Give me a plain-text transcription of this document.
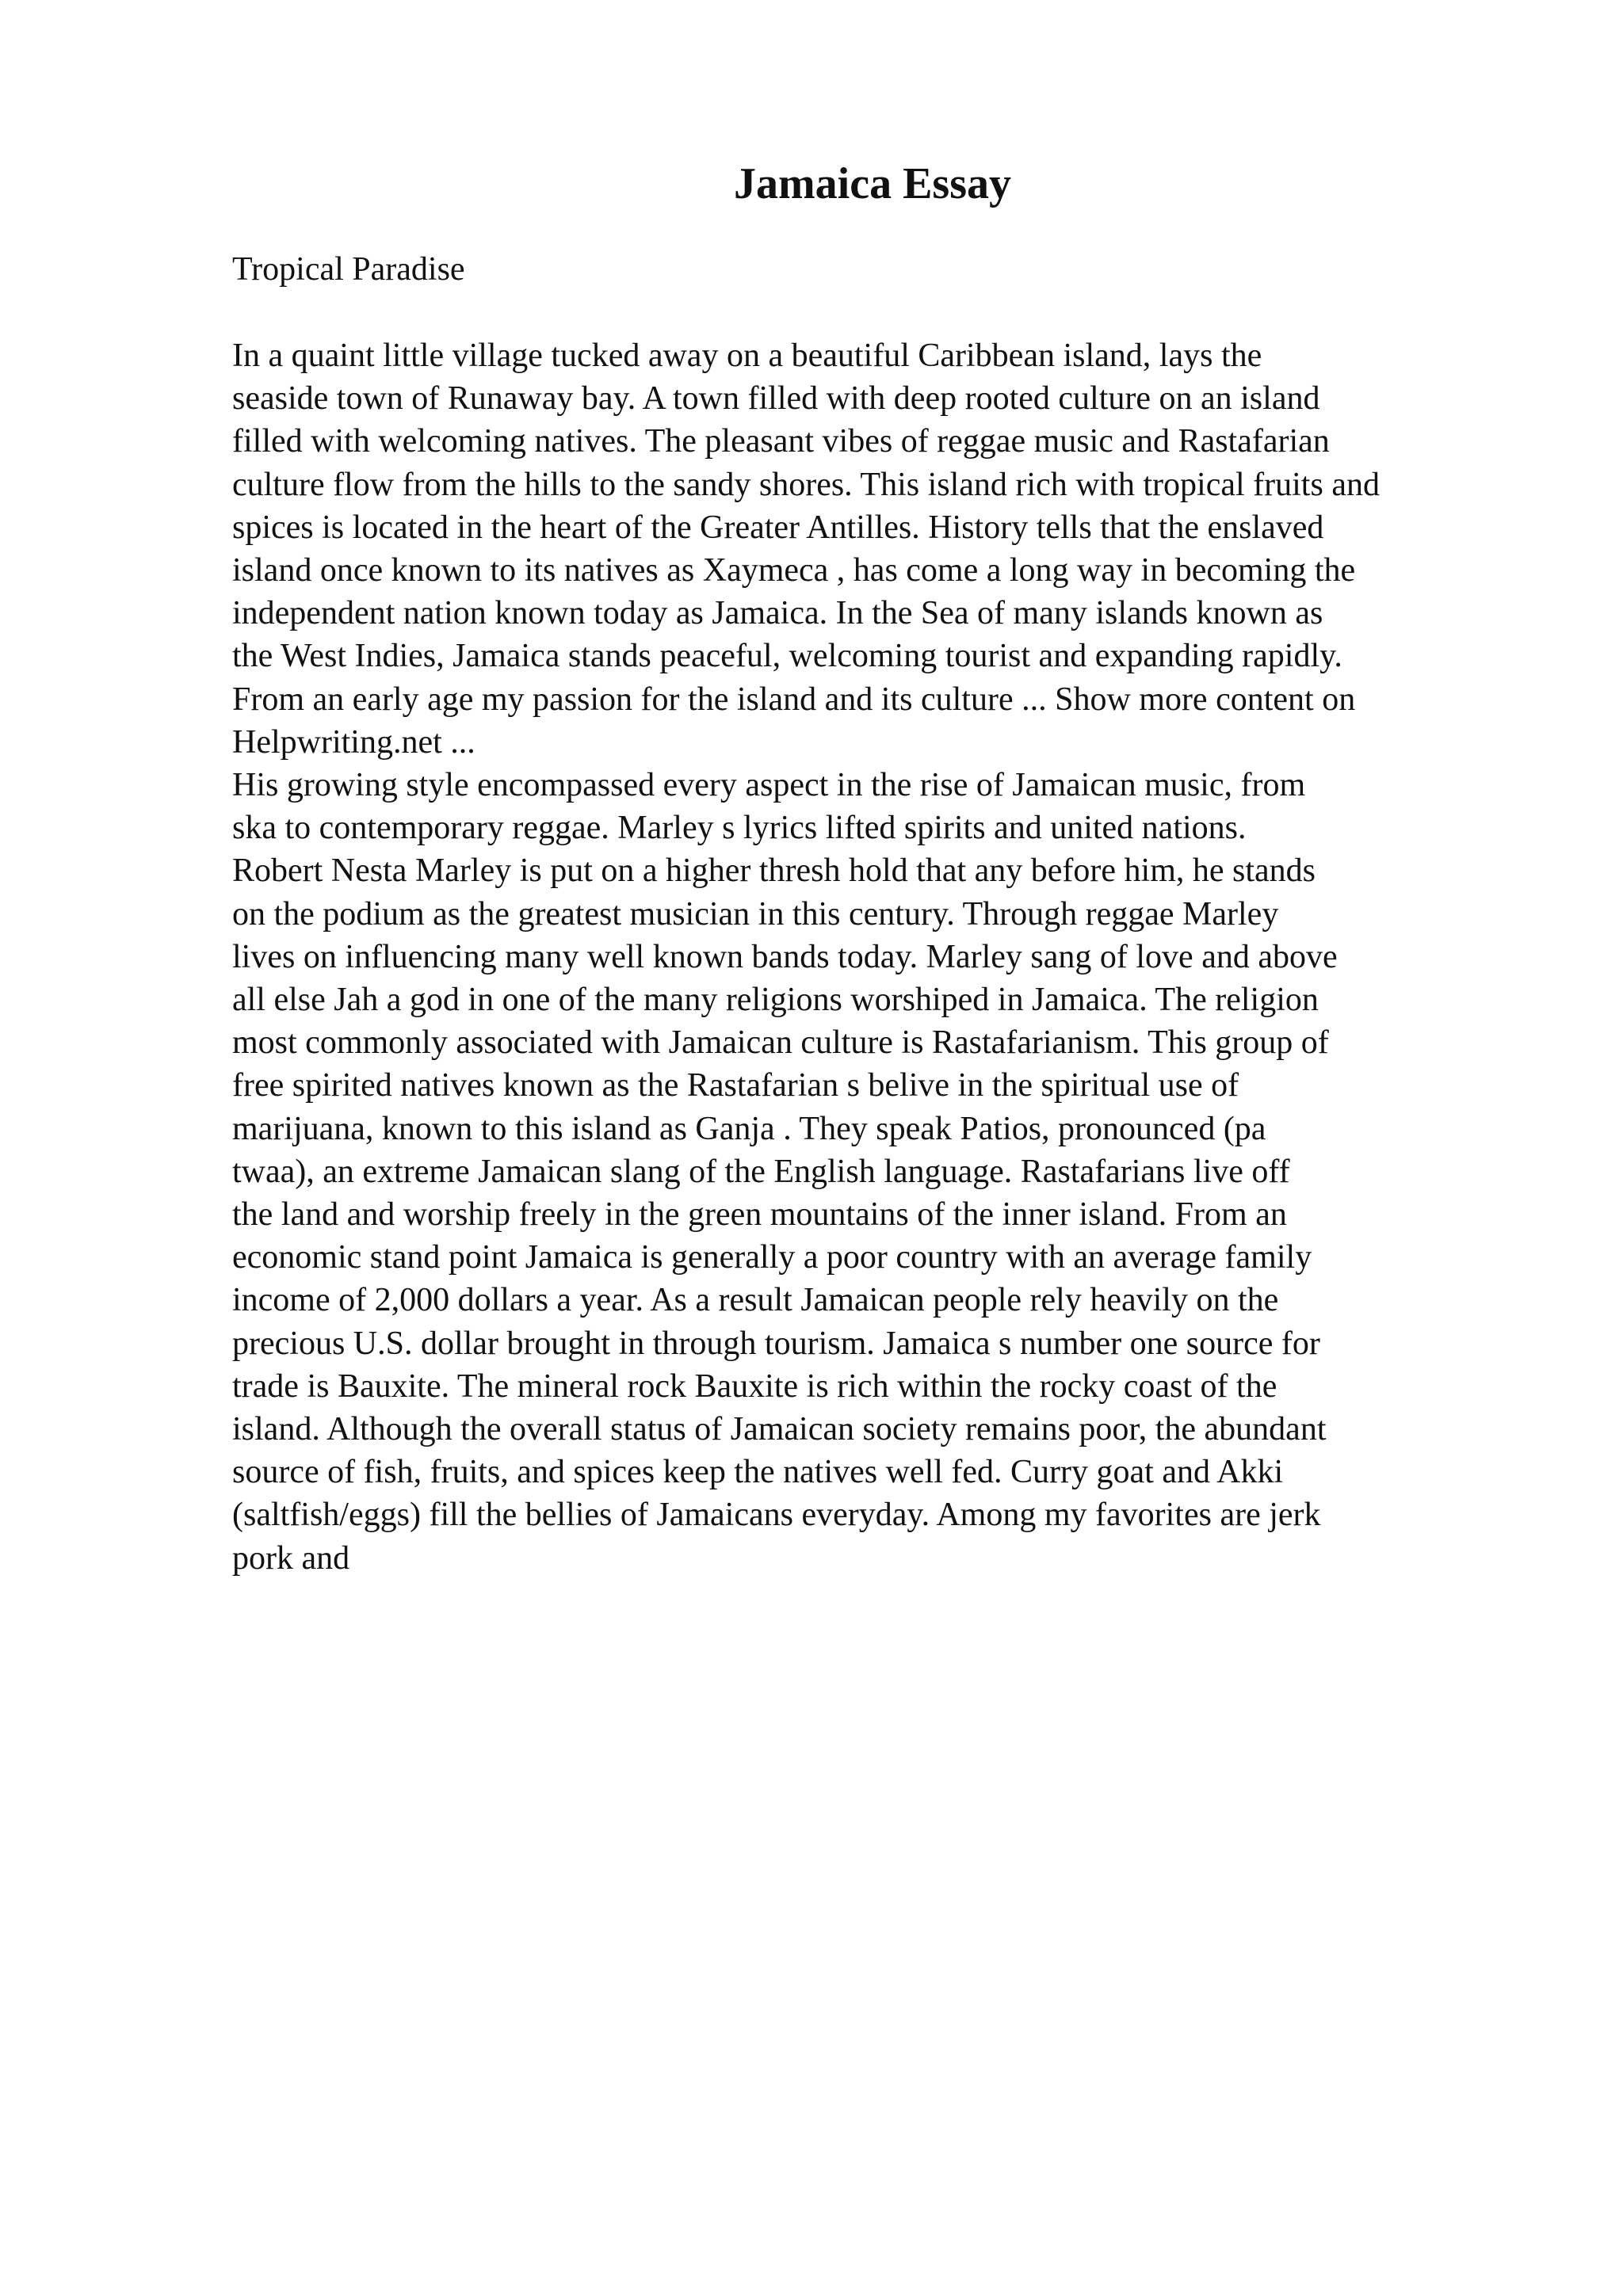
Jamaica Essay

Tropical Paradise

In a quaint little village tucked away on a beautiful Caribbean island, lays the
seaside town of Runaway bay. A town filled with deep rooted culture on an island
filled with welcoming natives. The pleasant vibes of reggae music and Rastafarian
culture flow from the hills to the sandy shores. This island rich with tropical fruits and
spices is located in the heart of the Greater Antilles. History tells that the enslaved
island once known to its natives as Xaymeca , has come a long way in becoming the
independent nation known today as Jamaica. In the Sea of many islands known as
the West Indies, Jamaica stands peaceful, welcoming tourist and expanding rapidly.
From an early age my passion for the island and its culture ... Show more content on
Helpwriting.net ...
His growing style encompassed every aspect in the rise of Jamaican music, from
ska to contemporary reggae. Marley s lyrics lifted spirits and united nations.
Robert Nesta Marley is put on a higher thresh hold that any before him, he stands
on the podium as the greatest musician in this century. Through reggae Marley
lives on influencing many well known bands today. Marley sang of love and above
all else Jah a god in one of the many religions worshiped in Jamaica. The religion
most commonly associated with Jamaican culture is Rastafarianism. This group of
free spirited natives known as the Rastafarian s belive in the spiritual use of
marijuana, known to this island as Ganja . They speak Patios, pronounced (pa
twaa), an extreme Jamaican slang of the English language. Rastafarians live off
the land and worship freely in the green mountains of the inner island. From an
economic stand point Jamaica is generally a poor country with an average family
income of 2,000 dollars a year. As a result Jamaican people rely heavily on the
precious U.S. dollar brought in through tourism. Jamaica s number one source for
trade is Bauxite. The mineral rock Bauxite is rich within the rocky coast of the
island. Although the overall status of Jamaican society remains poor, the abundant
source of fish, fruits, and spices keep the natives well fed. Curry goat and Akki
(saltfish/eggs) fill the bellies of Jamaicans everyday. Among my favorites are jerk
pork and
